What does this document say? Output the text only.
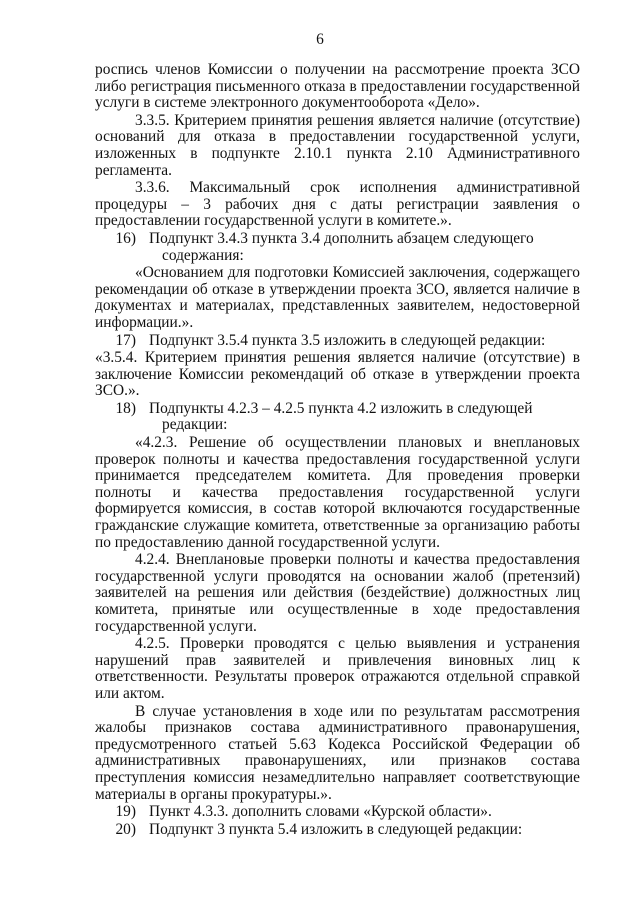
6

роспись членов Комиссии о получении на рассмотрение проекта ЗСО либо регистрация письменного отказа в предоставлении государственной услуги в системе электронного документооборота «Дело».

3.3.5. Критерием принятия решения является наличие (отсутствие) оснований для отказа в предоставлении государственной услуги, изложенных в подпункте 2.10.1 пункта 2.10 Административного регламента.

3.3.6. Максимальный срок исполнения административной процедуры – 3 рабочих дня с даты регистрации заявления о предоставлении государственной услуги в комитете.».

16) Подпункт 3.4.3 пункта 3.4 дополнить абзацем следующего
содержания:

«Основанием для подготовки Комиссией заключения, содержащего рекомендации об отказе в утверждении проекта ЗСО, является наличие в документах и материалах, представленных заявителем, недостоверной информации.».

17) Подпункт 3.5.4 пункта 3.5 изложить в следующей редакции:

«3.5.4. Критерием принятия решения является наличие (отсутствие) в заключение Комиссии рекомендаций об отказе в утверждении проекта ЗСО.».

18) Подпункты 4.2.3 – 4.2.5 пункта 4.2 изложить в следующей
редакции:

«4.2.3. Решение об осуществлении плановых и внеплановых проверок полноты и качества предоставления государственной услуги принимается председателем комитета. Для проведения проверки полноты и качества предоставления государственной услуги формируется комиссия, в состав которой включаются государственные гражданские служащие комитета, ответственные за организацию работы по предоставлению данной государственной услуги.

4.2.4. Внеплановые проверки полноты и качества предоставления государственной услуги проводятся на основании жалоб (претензий) заявителей на решения или действия (бездействие) должностных лиц комитета, принятые или осуществленные в ходе предоставления государственной услуги.

4.2.5. Проверки проводятся с целью выявления и устранения нарушений прав заявителей и привлечения виновных лиц к ответственности. Результаты проверок отражаются отдельной справкой или актом.

В случае установления в ходе или по результатам рассмотрения жалобы признаков состава административного правонарушения, предусмотренного статьей 5.63 Кодекса Российской Федерации об административных правонарушениях, или признаков состава преступления комиссия незамедлительно направляет соответствующие материалы в органы прокуратуры.».

19) Пункт 4.3.3. дополнить словами «Курской области».
20) Подпункт 3 пункта 5.4 изложить в следующей редакции:
